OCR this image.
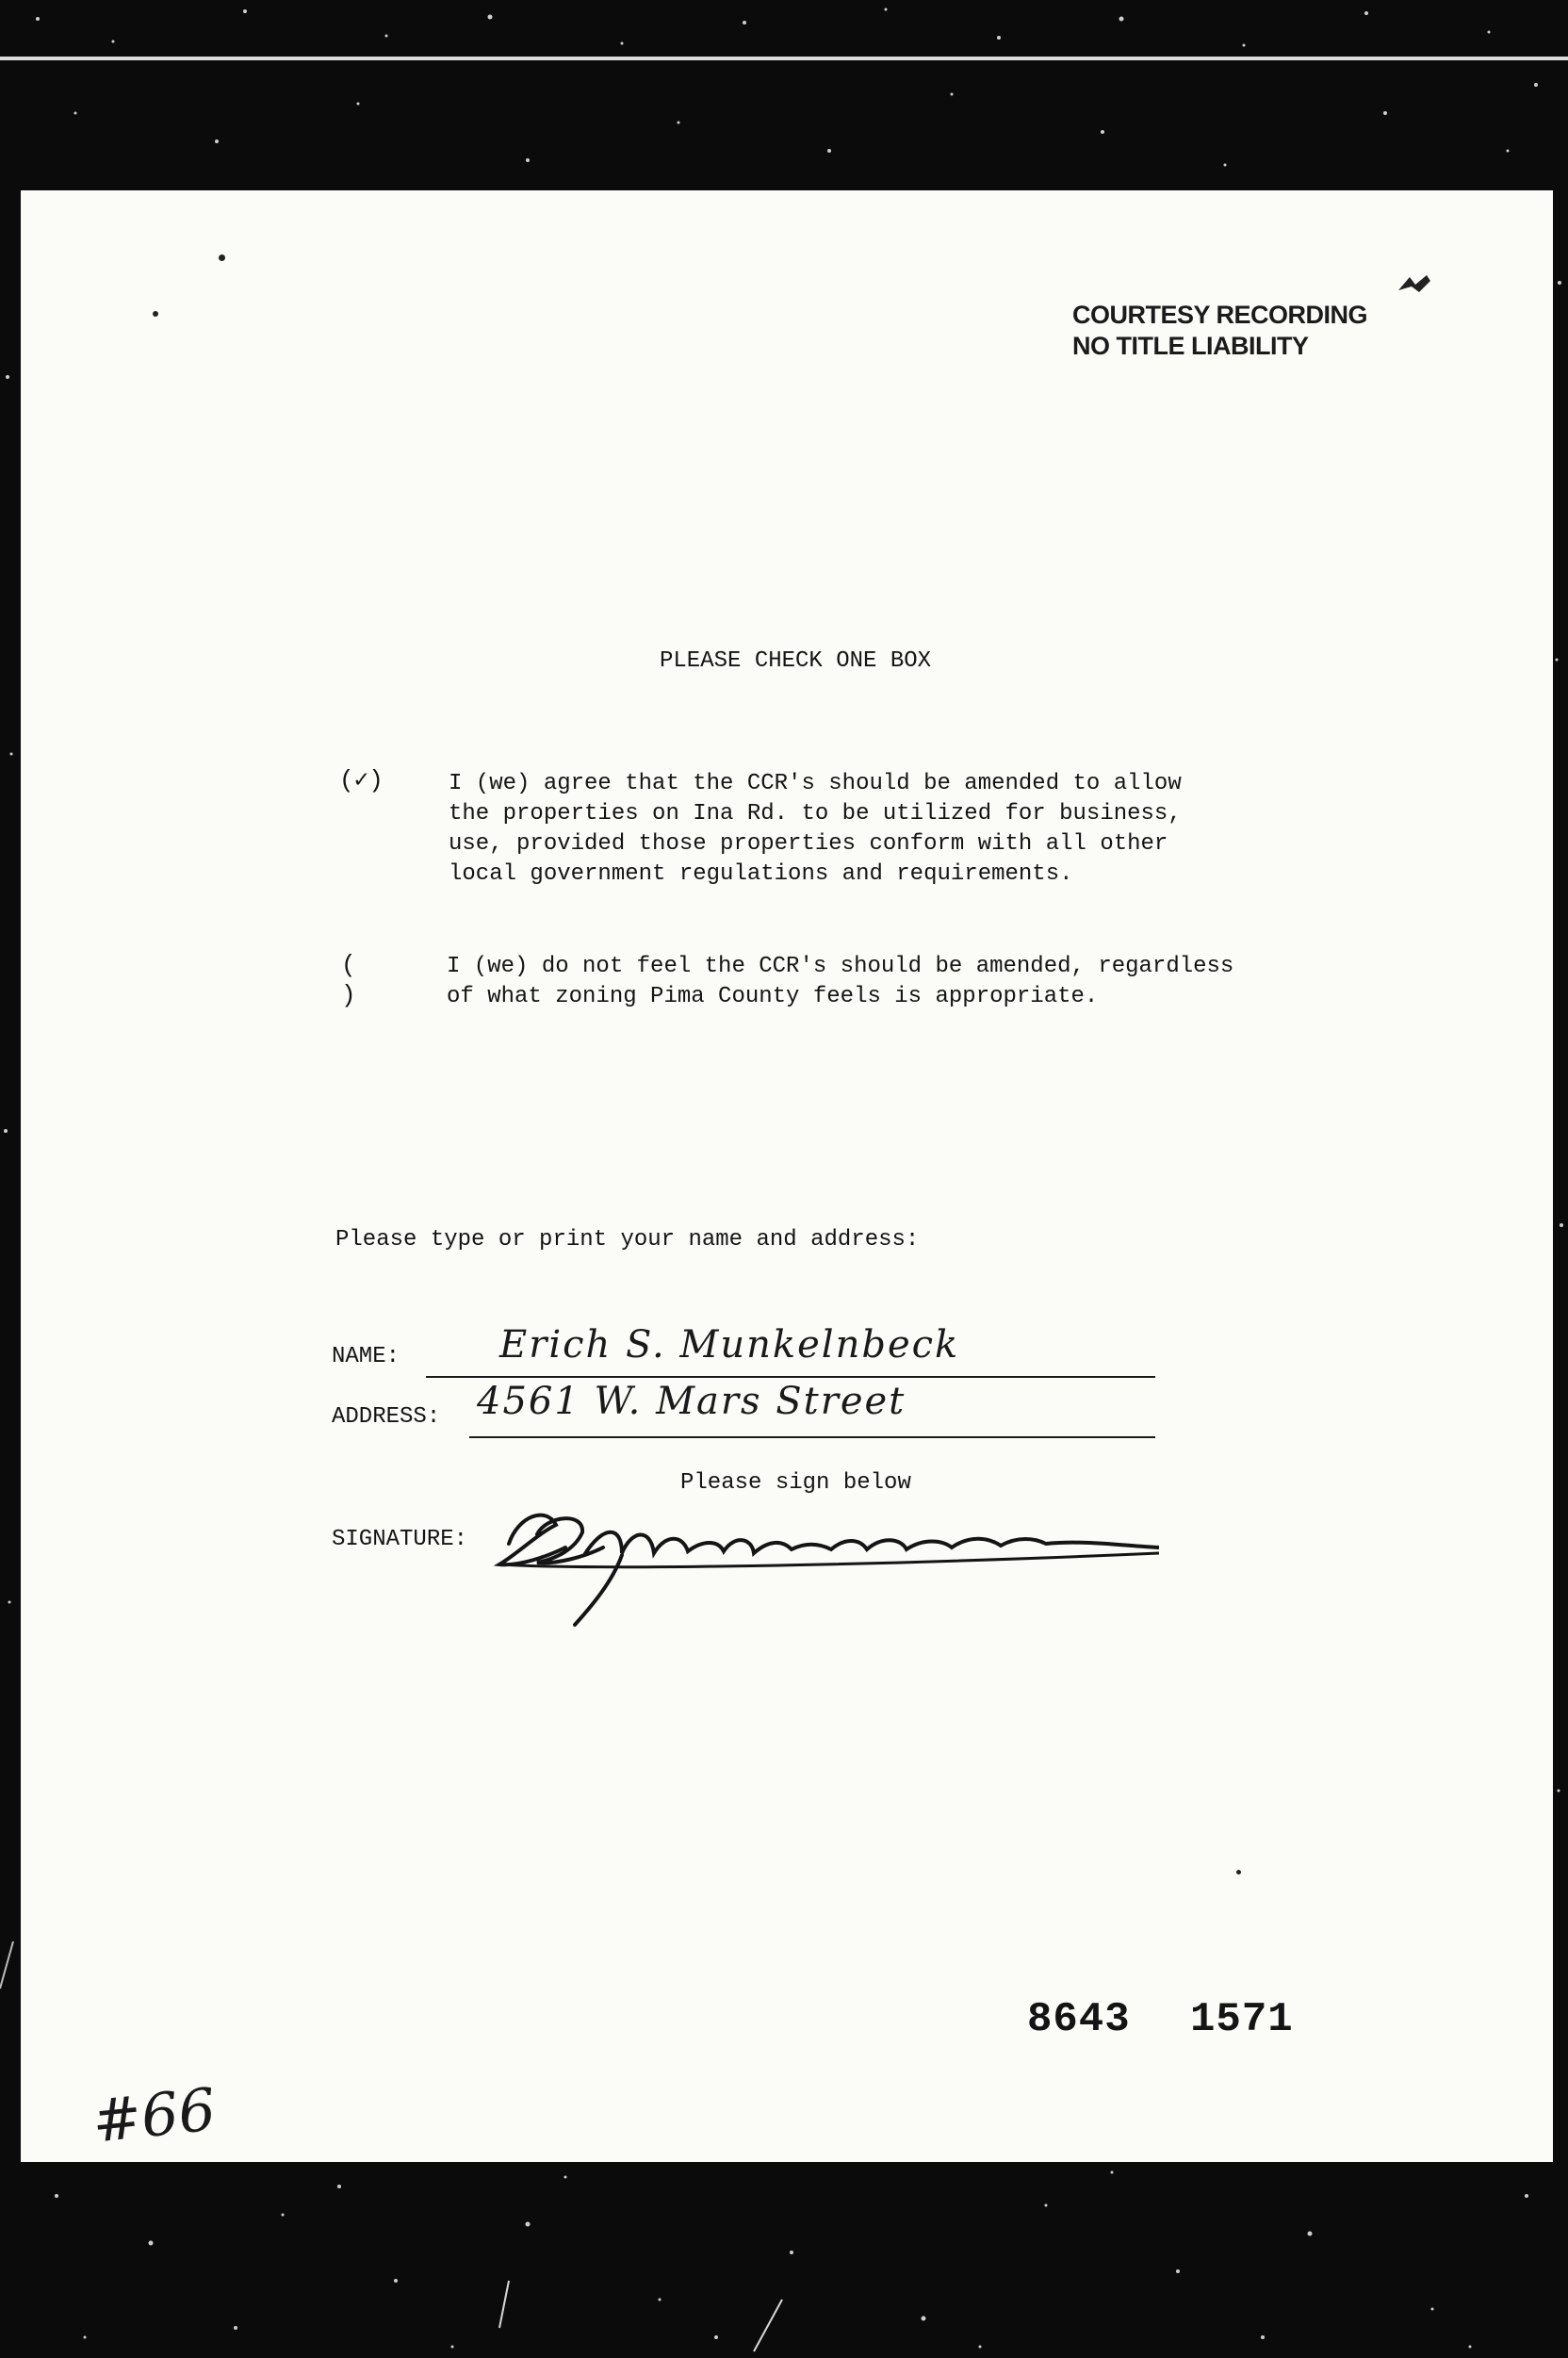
COURTESY RECORDING
NO TITLE LIABILITY
PLEASE CHECK ONE BOX
(✓)	I (we) agree that the CCR's should be amended to allow
the properties on Ina Rd. to be utilized for business,
use, provided those properties conform with all other
local government regulations and requirements.
( )
I (we) do not feel the CCR's should be amended, regardless
of what zoning Pima County feels is appropriate.
Please type or print your name and address:
NAME:	Erich S. Munkelnbeck
ADDRESS: 4561 W. Mars Street
Please sign below
SIGNATURE:
8643 1571
#66
